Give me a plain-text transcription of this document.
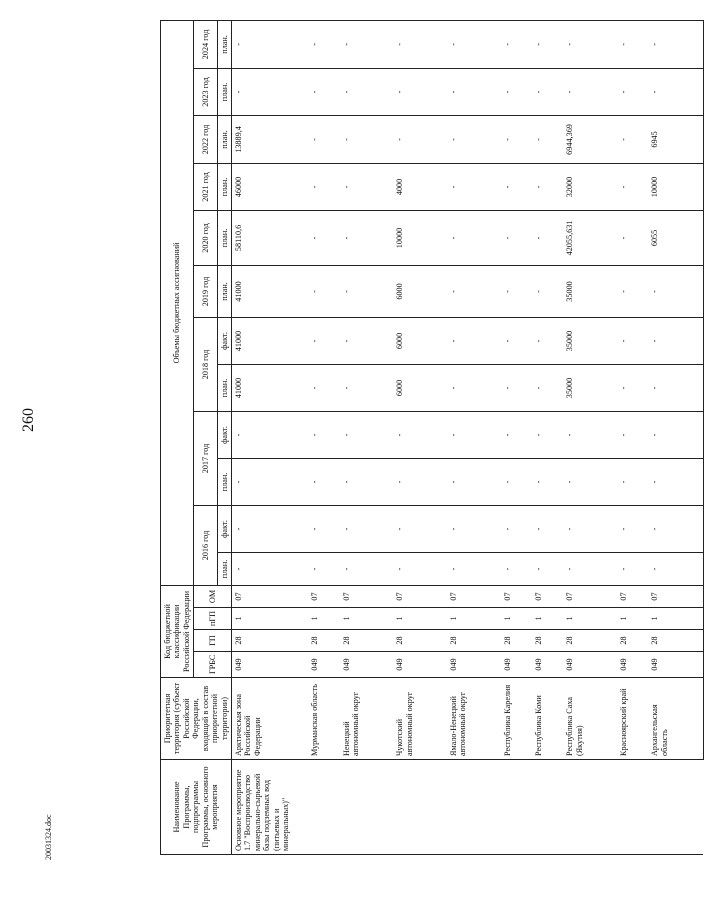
260
20031324.doc
Наименование Программы, подпрограммы Программы, основного мероприятия	Приоритетная территория (субъект Российской Федерации, входящий в состав приоритетной территории)	Код бюджетной классификации Российской Федерации				Объемы бюджетных ассигнований											
		ГРБС	ГП	пГП	ОМ	2016 год		2017 год		2018 год		2019 год	2020 год	2021 год	2022 год	2023 год	2024 год
						план.	факт.	план.	факт.	план.	факт.	план.	план.	план.	план.	план.	план.
Основное мероприятие 1.7 "Воспроизводство минерально-сырьевой базы подземных вод (питьевых и минеральных)"	Арктическая зона Российской Федерации	049	28	1	07	-	-	-	-	41000	41000	41000	58110,6	46000	13889,4	-	-
	Мурманская область	049	28	1	07	-	-	-	-	-	-	-	-	-	-	-	-
	Ненецкий автономный округ	049	28	1	07	-	-	-	-	-	-	-	-	-	-	-	-
	Чукотский автономный округ	049	28	1	07	-	-	-	-	6000	6000	6000	10000	4000	-	-	-
	Ямало-Ненецкий автономный округ	049	28	1	07	-	-	-	-	-	-	-	-	-	-	-	-
	Республика Карелия	049	28	1	07	-	-	-	-	-	-	-	-	-	-	-	-
	Республика Коми	049	28	1	07	-	-	-	-	-	-	-	-	-	-	-	-
	Республика Саха (Якутия)	049	28	1	07	-	-	-	-	35000	35000	35000	42055,631	32000	6944,369	-	-
	Красноярский край	049	28	1	07	-	-	-	-	-	-	-	-	-	-	-	-
	Архангельская область	049	28	1	07	-	-	-	-	-	-	-	6055	10000	6945	-	-
